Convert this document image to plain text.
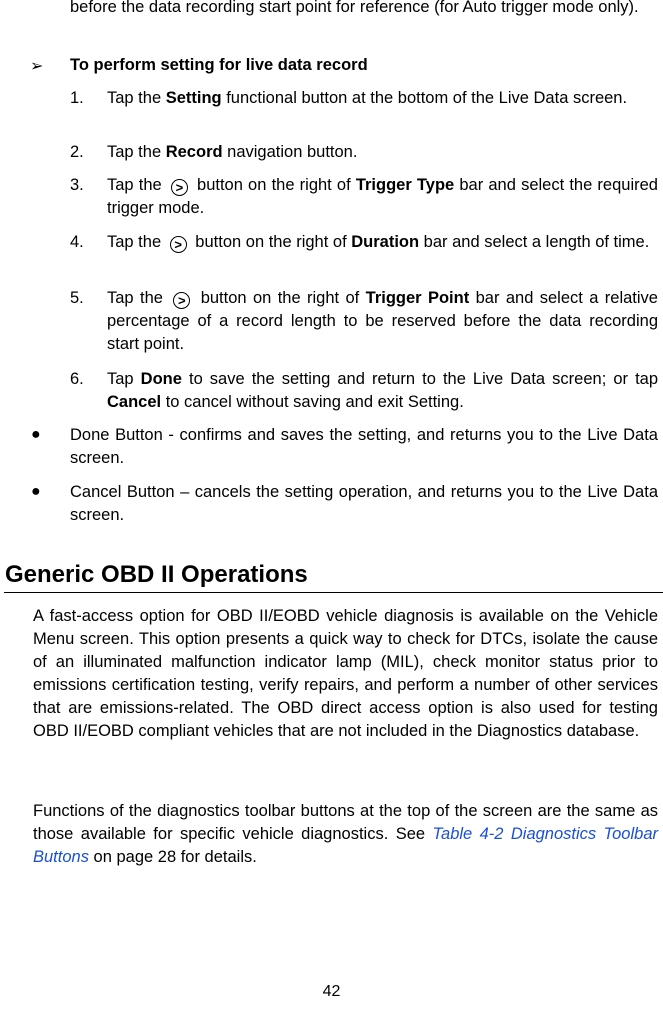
before the data recording start point for reference (for Auto trigger mode only).
➢ To perform setting for live data record
1. Tap the Setting functional button at the bottom of the Live Data screen.
2. Tap the Record navigation button.
3. Tap the > button on the right of Trigger Type bar and select the required trigger mode.
4. Tap the > button on the right of Duration bar and select a length of time.
5. Tap the > button on the right of Trigger Point bar and select a relative percentage of a record length to be reserved before the data recording start point.
6. Tap Done to save the setting and return to the Live Data screen; or tap Cancel to cancel without saving and exit Setting.
● Done Button - confirms and saves the setting, and returns you to the Live Data screen.
● Cancel Button – cancels the setting operation, and returns you to the Live Data screen.
Generic OBD II Operations
A fast-access option for OBD II/EOBD vehicle diagnosis is available on the Vehicle Menu screen. This option presents a quick way to check for DTCs, isolate the cause of an illuminated malfunction indicator lamp (MIL), check monitor status prior to emissions certification testing, verify repairs, and perform a number of other services that are emissions-related. The OBD direct access option is also used for testing OBD II/EOBD compliant vehicles that are not included in the Diagnostics database.
Functions of the diagnostics toolbar buttons at the top of the screen are the same as those available for specific vehicle diagnostics. See Table 4-2 Diagnostics Toolbar Buttons on page 28 for details.
42
